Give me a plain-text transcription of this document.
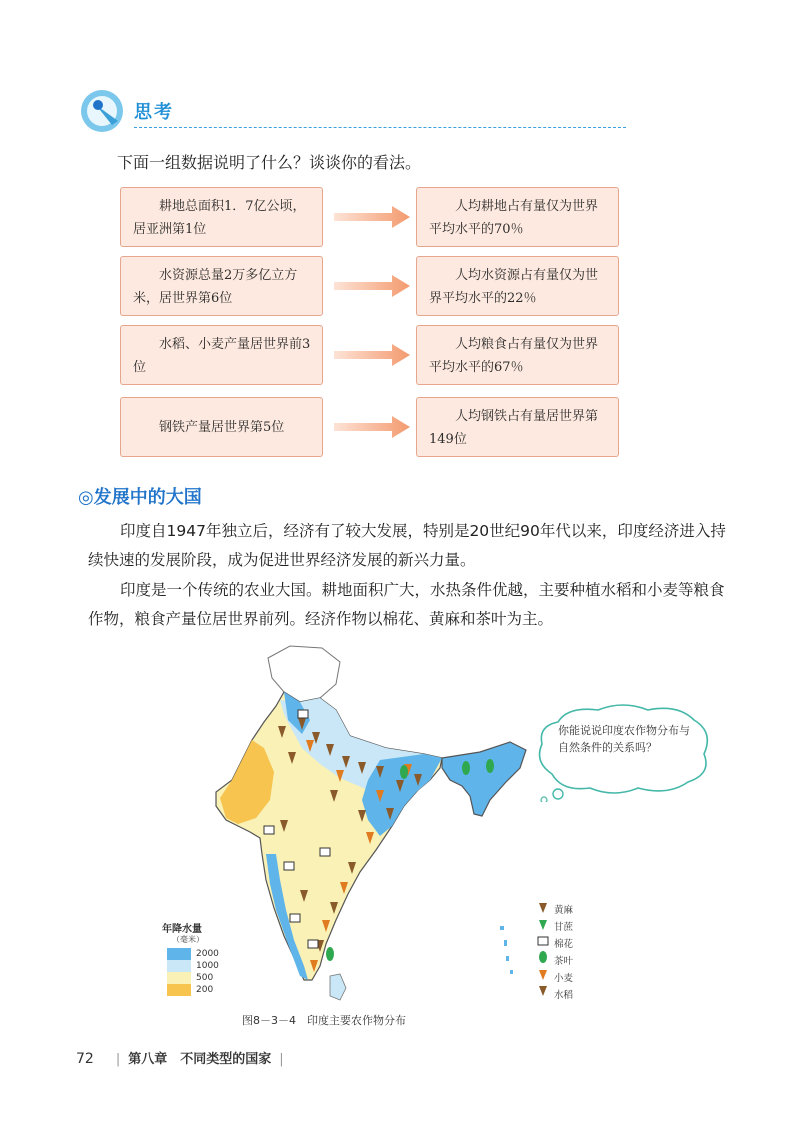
思考
下面一组数据说明了什么？谈谈你的看法。
耕地总面积1．7亿公顷，居亚洲第1位
人均耕地占有量仅为世界平均水平的70％
水资源总量2万多亿立方米，居世界第6位
人均水资源占有量仅为世界平均水平的22％
水稻、小麦产量居世界前3位
人均粮食占有量仅为世界平均水平的67％
钢铁产量居世界第5位
人均钢铁占有量居世界第149位
◎发展中的大国
印度自1947年独立后，经济有了较大发展，特别是20世纪90年代以来，印度经济进入持续快速的发展阶段，成为促进世界经济发展的新兴力量。
印度是一个传统的农业大国。耕地面积广大，水热条件优越，主要种植水稻和小麦等粮食作物，粮食产量位居世界前列。经济作物以棉花、黄麻和茶叶为主。
年降水量
（毫米）
2000
1000
500
200
黄麻
甘蔗
棉花
茶叶
小麦
水稻
图8－3－4　印度主要农作物分布
你能说说印度农作物分布与自然条件的关系吗？
72 | 第八章　不同类型的国家 |
